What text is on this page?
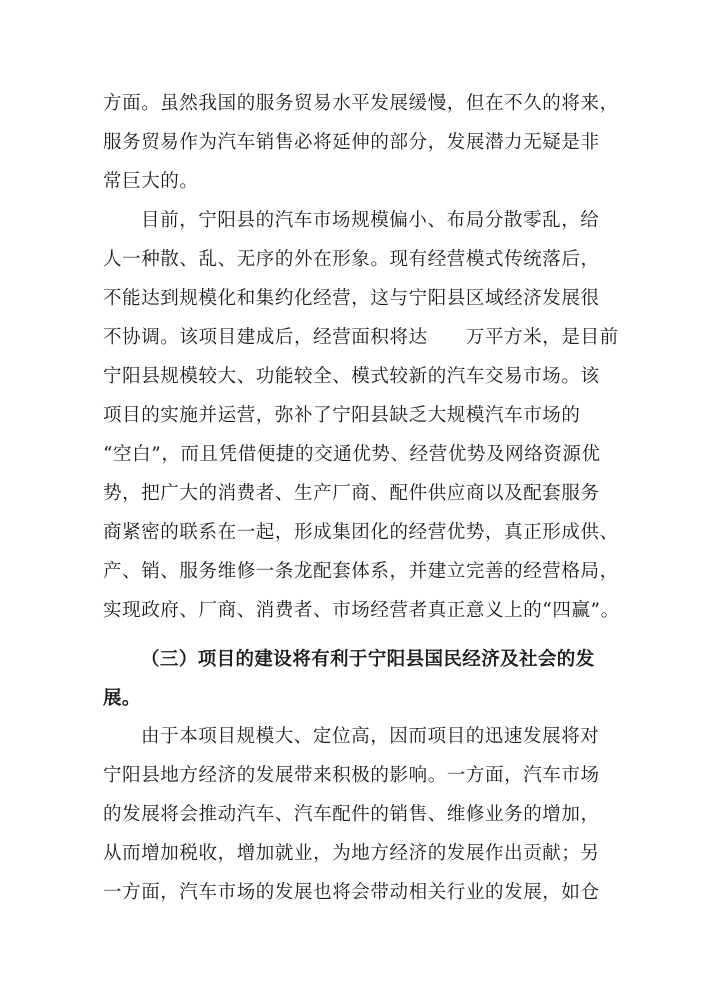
方面。虽然我国的服务贸易水平发展缓慢，但在不久的将来，
服务贸易作为汽车销售必将延伸的部分，发展潜力无疑是非
常巨大的。
目前，宁阳县的汽车市场规模偏小、布局分散零乱，给
人一种散、乱、无序的外在形象。现有经营模式传统落后，
不能达到规模化和集约化经营，这与宁阳县区域经济发展很
不协调。该项目建成后，经营面积将达　　万平方米，是目前
宁阳县规模较大、功能较全、模式较新的汽车交易市场。该
项目的实施并运营，弥补了宁阳县缺乏大规模汽车市场的
“空白”，而且凭借便捷的交通优势、经营优势及网络资源优
势，把广大的消费者、生产厂商、配件供应商以及配套服务
商紧密的联系在一起，形成集团化的经营优势，真正形成供、
产、销、服务维修一条龙配套体系，并建立完善的经营格局，
实现政府、厂商、消费者、市场经营者真正意义上的“四赢”。
（三）项目的建设将有利于宁阳县国民经济及社会的发
展。
由于本项目规模大、定位高，因而项目的迅速发展将对
宁阳县地方经济的发展带来积极的影响。一方面，汽车市场
的发展将会推动汽车、汽车配件的销售、维修业务的增加，
从而增加税收，增加就业，为地方经济的发展作出贡献；另
一方面，汽车市场的发展也将会带动相关行业的发展，如仓
